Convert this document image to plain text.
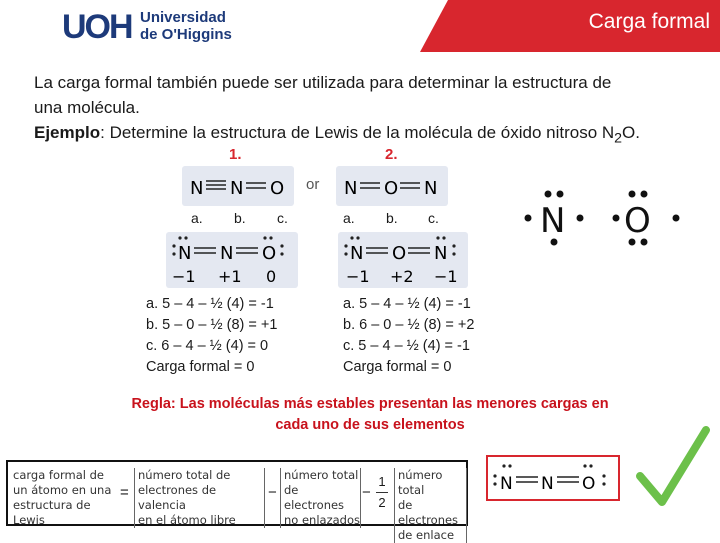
UOH Universidad
de O'Higgins
Carga formal
La carga formal también puede ser utilizada para determinar la estructura de
una molécula.
Ejemplo: Determine la estructura de Lewis de la molécula de óxido nitroso $N_2O$.
1.	2.
N N O or N O N
a. b. c.	a. b. c.
N N O
−1 +1 0
N O N
−1 +2 −1
N O
a. 5 – 4 – ½ (4) = -1
b. 5 – 0 – ½ (8) = +1
c. 6 – 4 – ½ (4) = 0
Carga formal = 0
a. 5 – 4 – ½ (4) = -1
b. 6 – 0 – ½ (8) = +2
c. 5 – 4 – ½ (4) = -1
Carga formal = 0
Regla: Las moléculas más estables presentan las menores cargas en
cada uno de sus elementos
carga formal de
un átomo en una
estructura de Lewis
=
número total de
electrones de valencia
en el átomo libre
−
número total
de electrones
no enlazados
− $\frac{1}{2}$ número total
de electrones
de enlace
N N O
